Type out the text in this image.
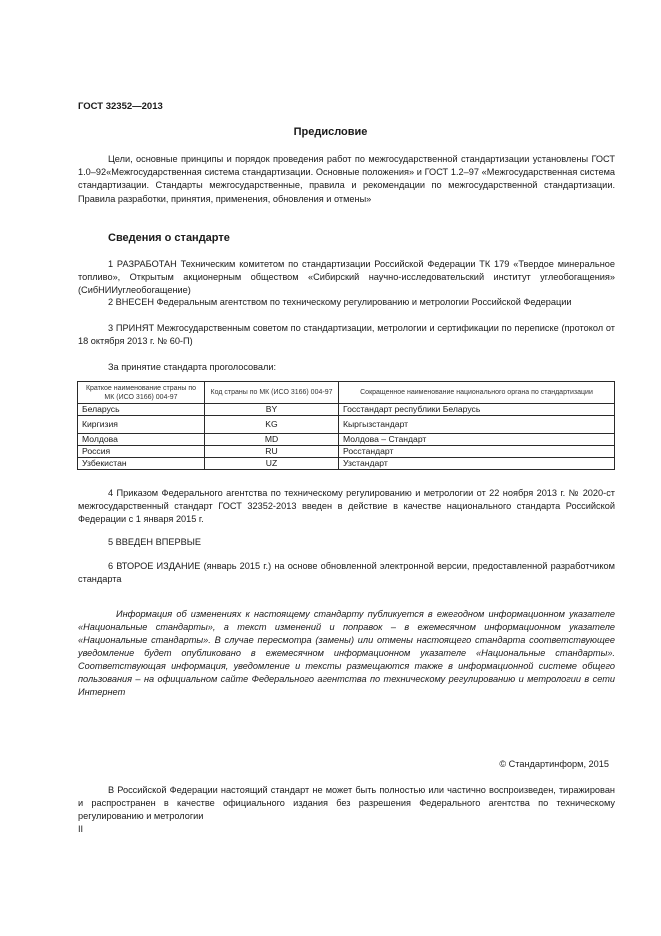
ГОСТ 32352—2013
Предисловие
Цели, основные принципы и порядок проведения работ по межгосударственной стандартизации установлены ГОСТ 1.0–92«Межгосударственная система стандартизации. Основные положения» и ГОСТ 1.2–97 «Межгосударственная система стандартизации. Стандарты межгосударственные, правила и рекомендации по межгосударственной стандартизации. Правила разработки, принятия, применения, обновления и отмены»
Сведения о стандарте
1 РАЗРАБОТАН Техническим комитетом по стандартизации Российской Федерации ТК 179 «Твердое минеральное топливо», Открытым акционерным обществом «Сибирский научно-исследовательский институт углеобогащения» (СибНИИуглеобогащение)
2 ВНЕСЕН Федеральным агентством по техническому регулированию и метрологии Российской Федерации
3 ПРИНЯТ Межгосударственным советом по стандартизации, метрологии и сертификации по переписке (протокол от 18 октября 2013 г. № 60-П)
За принятие стандарта проголосовали:
Краткое наименование страны по МК (ИСО 3166) 004-97	Код страны по МК (ИСО 3166) 004-97	Сокращенное наименование национального органа по стандартизации
Беларусь	BY	Госстандарт республики Беларусь
Киргизия	KG	Кыргызстандарт
Молдова	MD	Молдова – Стандарт
Россия	RU	Росстандарт
Узбекистан	UZ	Узстандарт
4 Приказом Федерального агентства по техническому регулированию и метрологии от 22 ноября 2013 г. № 2020-ст межгосударственный стандарт ГОСТ 32352-2013 введен в действие в качестве национального стандарта Российской Федерации с 1 января 2015 г.
5 ВВЕДЕН ВПЕРВЫЕ
6 ВТОРОЕ ИЗДАНИЕ (январь 2015 г.) на основе обновленной электронной версии, предоставленной разработчиком стандарта
Информация об изменениях к настоящему стандарту публикуется в ежегодном информационном указателе «Национальные стандарты», а текст изменений и поправок – в ежемесячном информационном указателе «Национальные стандарты». В случае пересмотра (замены) или отмены настоящего стандарта соответствующее уведомление будет опубликовано в ежемесячном информационном указателе «Национальные стандарты». Соответствующая информация, уведомление и тексты размещаются также в информационной системе общего пользования – на официальном сайте Федерального агентства по техническому регулированию и метрологии в сети Интернет
© Стандартинформ, 2015
В Российской Федерации настоящий стандарт не может быть полностью или частично воспроизведен, тиражирован и распространен в качестве официального издания без разрешения Федерального агентства по техническому регулированию и метрологии
II
